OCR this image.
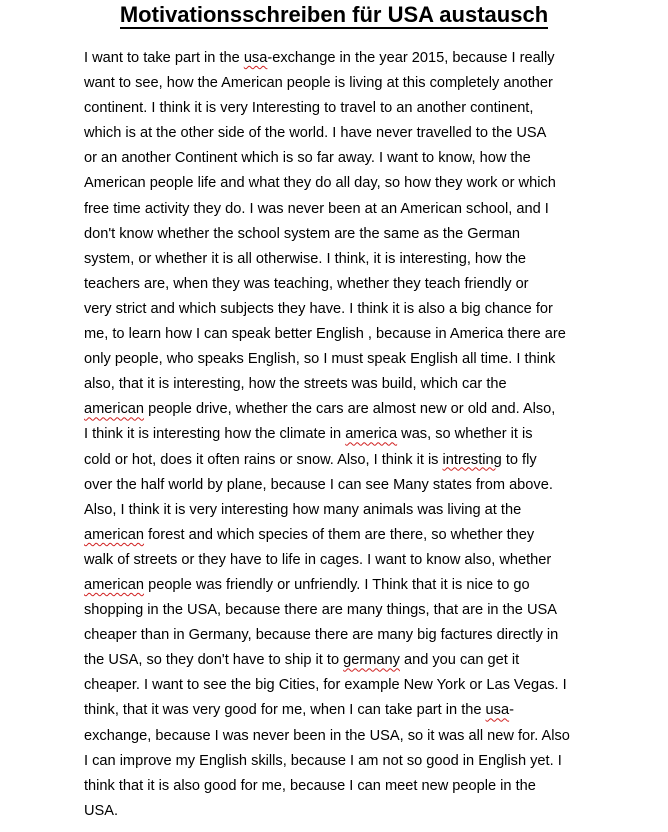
Motivationsschreiben für USA austausch
I want to take part in the usa-exchange in the year 2015, because I really
want to see, how the American people is living at this completely another
continent. I think it is very Interesting to travel to an another continent,
which is at the other side of the world. I have never travelled to the USA
or an another Continent which is so far away. I want to know, how the
American people life and what they do all day, so how they work or which
free time activity they do. I was never been at an American school, and I
don't know whether the school system are the same as the German
system, or whether it is all otherwise. I think, it is interesting, how the
teachers are, when they was teaching, whether they teach friendly or
very strict and which subjects they have. I think it is also a big chance for
me, to learn how I can speak better English , because in America there are
only people, who speaks English, so I must speak English all time. I think
also, that it is interesting, how the streets was build, which car the
american people drive, whether the cars are almost new or old and. Also,
I think it is interesting how the climate in america was, so whether it is
cold or hot, does it often rains or snow. Also, I think it is intresting to fly
over the half world by plane, because I can see Many states from above.
Also, I think it is very interesting how many animals was living at the
american forest and which species of them are there, so whether they
walk of streets or they have to life in cages. I want to know also, whether
american people was friendly or unfriendly. I Think that it is nice to go
shopping in the USA, because there are many things, that are in the USA
cheaper than in Germany, because there are many big factures directly in
the USA, so they don't have to ship it to germany and you can get it
cheaper. I want to see the big Cities, for example New York or Las Vegas. I
think, that it was very good for me, when I can take part in the usa-
exchange, because I was never been in the USA, so it was all new for. Also
I can improve my English skills, because I am not so good in English yet. I
think that it is also good for me, because I can meet new people in the
USA.
